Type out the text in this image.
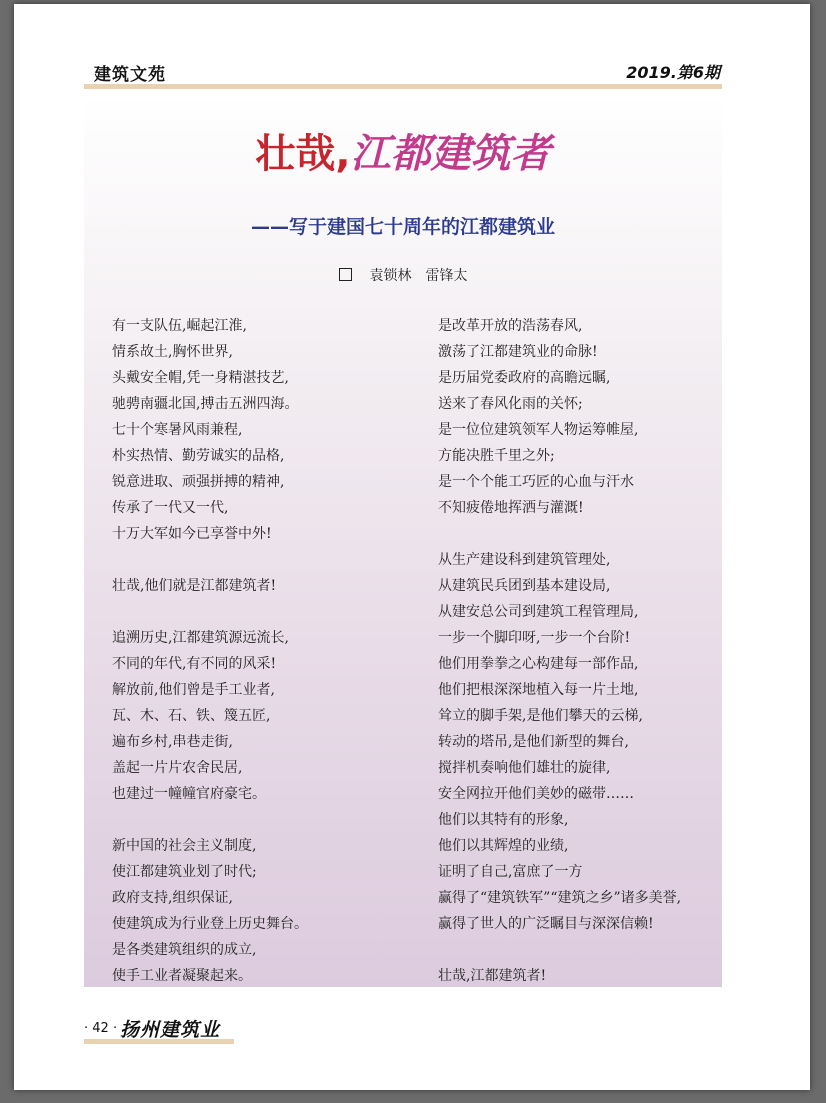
建筑文苑	2019.第6期
壮哉,江都建筑者
——写于建国七十周年的江都建筑业
袁锁林　雷锋太
有一支队伍,崛起江淮,
情系故土,胸怀世界,
头戴安全帽,凭一身精湛技艺,
驰骋南疆北国,搏击五洲四海。
七十个寒暑风雨兼程,
朴实热情、勤劳诚实的品格,
锐意进取、顽强拼搏的精神,
传承了一代又一代,
十万大军如今已享誉中外!
壮哉,他们就是江都建筑者!
追溯历史,江都建筑源远流长,
不同的年代,有不同的风采!
解放前,他们曾是手工业者,
瓦、木、石、铁、篾五匠,
遍布乡村,串巷走街,
盖起一片片农舍民居,
也建过一幢幢官府豪宅。
新中国的社会主义制度,
使江都建筑业划了时代;
政府支持,组织保证,
使建筑成为行业登上历史舞台。
是各类建筑组织的成立,
使手工业者凝聚起来。
是改革开放的浩荡春风,
激荡了江都建筑业的命脉!
是历届党委政府的高瞻远瞩,
送来了春风化雨的关怀;
是一位位建筑领军人物运筹帷屋,
方能决胜千里之外;
是一个个能工巧匠的心血与汗水
不知疲倦地挥洒与灌溉!
从生产建设科到建筑管理处,
从建筑民兵团到基本建设局,
从建安总公司到建筑工程管理局,
一步一个脚印呀,一步一个台阶!
他们用拳拳之心构建每一部作品,
他们把根深深地植入每一片土地,
耸立的脚手架,是他们攀天的云梯,
转动的塔吊,是他们新型的舞台,
搅拌机奏响他们雄壮的旋律,
安全网拉开他们美妙的磁带……
他们以其特有的形象,
他们以其辉煌的业绩,
证明了自己,富庶了一方
赢得了“建筑铁军”“建筑之乡”诸多美誉,
赢得了世人的广泛瞩目与深深信赖!
壮哉,江都建筑者!
· 42 · 扬州建筑业
